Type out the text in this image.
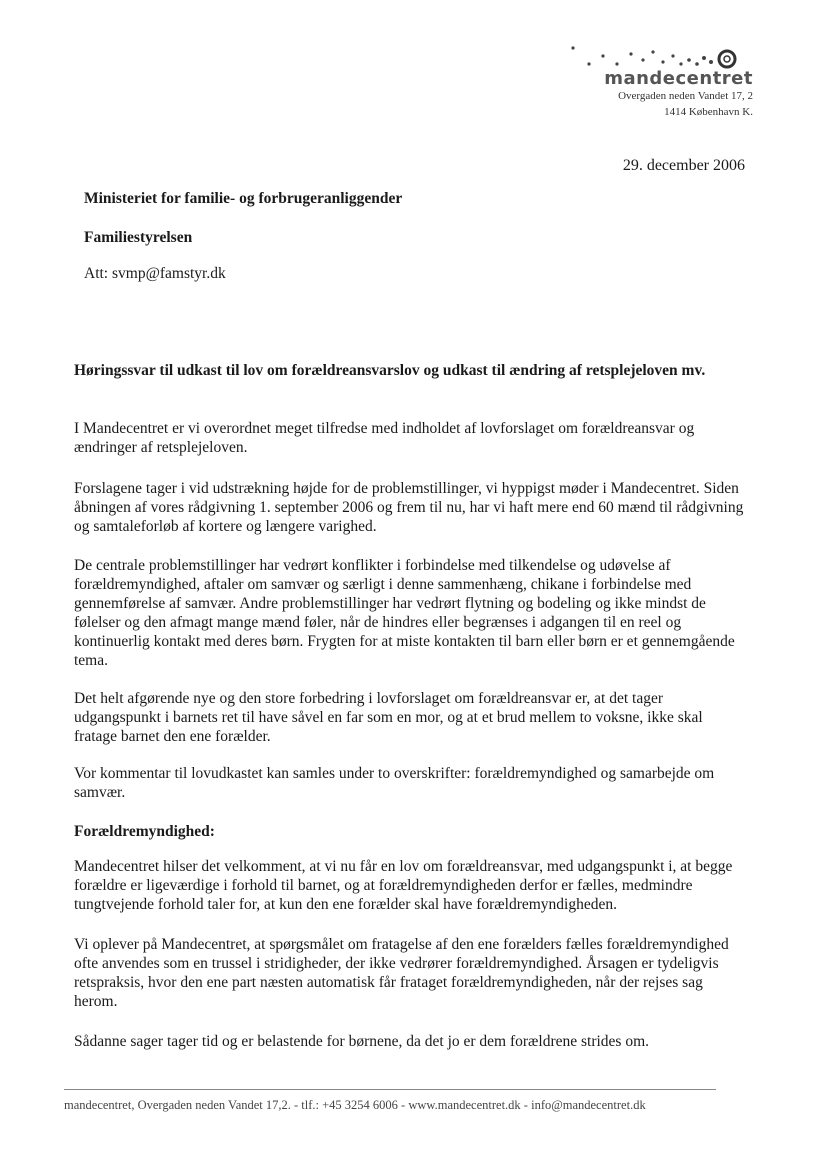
mandecentret
Overgaden neden Vandet 17, 2
1414 København K.
29. december 2006
Ministeriet for familie- og forbrugeranliggender
Familiestyrelsen
Att: svmp@famstyr.dk
Høringssvar til udkast til lov om forældreansvarslov og udkast til ændring af retsplejeloven mv.
I Mandecentret er vi overordnet meget tilfredse med indholdet af lovforslaget om forældreansvar og ændringer af retsplejeloven.
Forslagene tager i vid udstrækning højde for de problemstillinger, vi hyppigst møder i Mandecentret. Siden åbningen af vores rådgivning 1. september 2006 og frem til nu, har vi haft mere end 60 mænd til rådgivning og samtaleforløb af kortere og længere varighed.
De centrale problemstillinger har vedrørt konflikter i forbindelse med tilkendelse og udøvelse af forældremyndighed, aftaler om samvær og særligt i denne sammenhæng, chikane i forbindelse med gennemførelse af samvær. Andre problemstillinger har vedrørt flytning og bodeling og ikke mindst de følelser og den afmagt mange mænd føler, når de hindres eller begrænses i adgangen til en reel og kontinuerlig kontakt med deres børn. Frygten for at miste kontakten til barn eller børn er et gennemgående tema.
Det helt afgørende nye og den store forbedring i lovforslaget om forældreansvar er, at det tager udgangspunkt i barnets ret til have såvel en far som en mor, og at et brud mellem to voksne, ikke skal fratage barnet den ene forælder.
Vor kommentar til lovudkastet kan samles under to overskrifter: forældremyndighed og samarbejde om samvær.
Forældremyndighed:
Mandecentret hilser det velkomment, at vi nu får en lov om forældreansvar, med udgangspunkt i, at begge forældre er ligeværdige i forhold til barnet, og at forældremyndigheden derfor er fælles, medmindre tungtvejende forhold taler for, at kun den ene forælder skal have forældremyndigheden.
Vi oplever på Mandecentret, at spørgsmålet om fratagelse af den ene forælders fælles forældremyndighed ofte anvendes som en trussel i stridigheder, der ikke vedrører forældremyndighed. Årsagen er tydeligvis retspraksis, hvor den ene part næsten automatisk får frataget forældremyndigheden, når der rejses sag herom.
Sådanne sager tager tid og er belastende for børnene, da det jo er dem forældrene strides om.
mandecentret, Overgaden neden Vandet 17,2. - tlf.: +45 3254 6006 - www.mandecentret.dk - info@mandecentret.dk
